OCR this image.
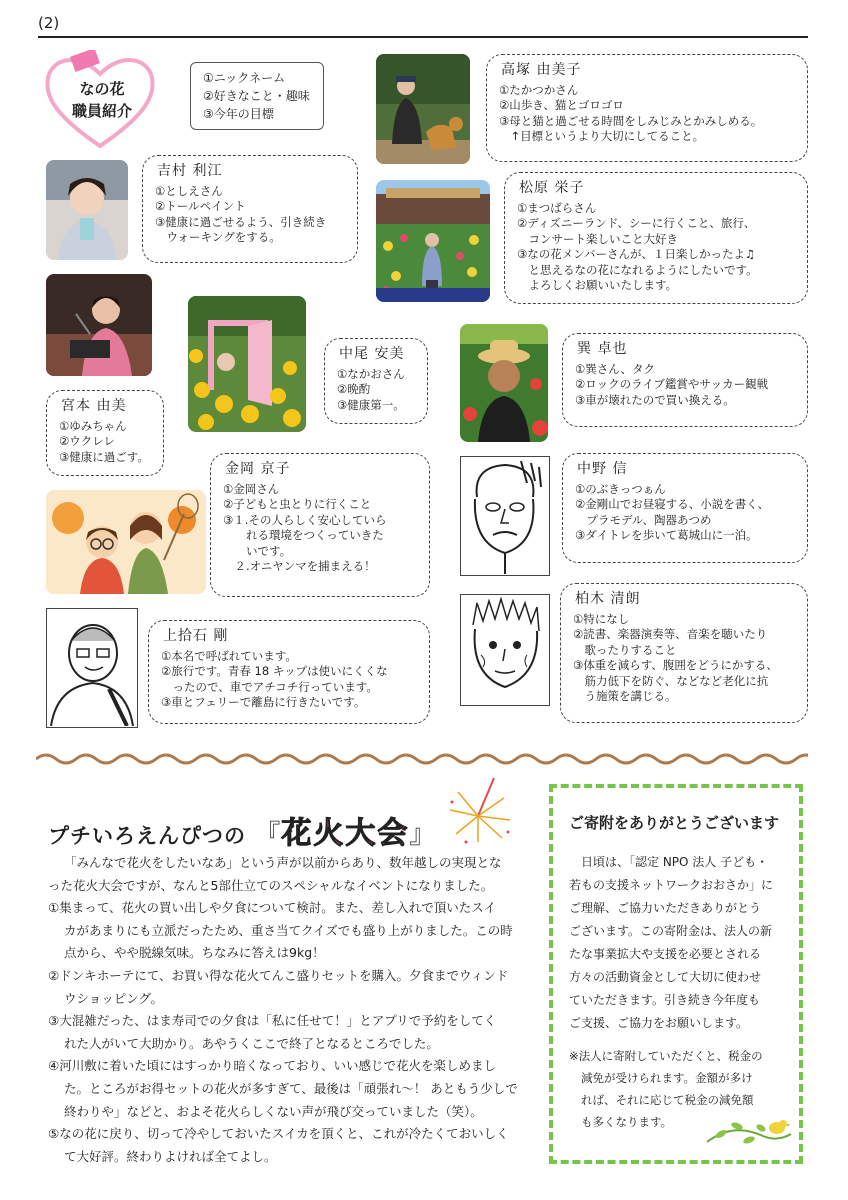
(2)
なの花
職員紹介
①ニックネーム
②好きなこと・趣味
③今年の目標
吉村 利江
①としえさん
②トールペイント
③健康に過ごせるよう、引き続き
　ウォーキングをする。
宮本 由美
①ゆみちゃん
②ウクレレ
③健康に過ごす。
中尾 安美
①なかおさん
②晩酌
③健康第一。
金岡 京子
①金岡さん
②子どもと虫とりに行くこと
③１.その人らしく安心していら
　　れる環境をつくっていきた
　　いです。
　２.オニヤンマを捕まえる！
上拾石 剛
①本名で呼ばれています。
②旅行です。青春 18 キップは使いにくくな
　ったので、車でアチコチ行っています。
③車とフェリーで離島に行きたいです。
高塚 由美子
①たかつかさん
②山歩き、猫とゴロゴロ
③母と猫と過ごせる時間をしみじみとかみしめる。
　↑目標というより大切にしてること。
松原 栄子
①まつばらさん
②ディズニーランド、シーに行くこと、旅行、
　コンサート楽しいこと大好き
③なの花メンバーさんが、１日楽しかったよ♫
　と思えるなの花になれるようにしたいです。
　よろしくお願いいたします。
巽 卓也
①巽さん、タク
②ロックのライブ鑑賞やサッカー観戦
③車が壊れたので買い換える。
中野 信
①のぶきっつぁん
②金剛山でお昼寝する、小説を書く、
　プラモデル、陶器あつめ
③ダイトレを歩いて葛城山に一泊。
柏木 清朗
①特になし
②読書、楽器演奏等、音楽を聴いたり
　歌ったりすること
③体重を減らす、腹囲をどうにかする、
　筋力低下を防ぐ、などなど老化に抗
　う施策を講じる。
プチいろえんぴつの 『花火大会』

「みんなで花火をしたいなあ」という声が以前からあり、数年越しの実現とな

った花火大会ですが、なんと5部仕立てのスペシャルなイベントになりました。

①集まって、花火の買い出しや夕食について検討。また、差し入れで頂いたスイ

カがあまりにも立派だったため、重さ当てクイズでも盛り上がりました。この時

点から、やや脱線気味。ちなみに答えは9kg！

②ドンキホーテにて、お買い得な花火てんこ盛りセットを購入。夕食までウィンド

ウショッピング。

③大混雑だった、はま寿司での夕食は「私に任せて！」とアプリで予約をしてく

れた人がいて大助かり。あやうくここで終了となるところでした。

④河川敷に着いた頃にはすっかり暗くなっており、いい感じで花火を楽しめまし

た。ところがお得セットの花火が多すぎて、最後は「頑張れ～！ あともう少しで

終わりや」などと、およそ花火らしくない声が飛び交っていました（笑）。

⑤なの花に戻り、切って冷やしておいたスイカを頂くと、これが冷たくておいしく

て大好評。終わりよければ全てよし。

ご寄附をありがとうございます
日頃は、「認定 NPO 法人 子ども・
若もの支援ネットワークおおさか」に
ご理解、ご協力いただきありがとう
ございます。この寄附金は、法人の新
たな事業拡大や支援を必要とされる
方々の活動資金として大切に使わせ
ていただきます。引き続き今年度も
ご支援、ご協力をお願いします。
※法人に寄附していただくと、税金の
減免が受けられます。金額が多け
れば、それに応じて税金の減免額
も多くなります。
